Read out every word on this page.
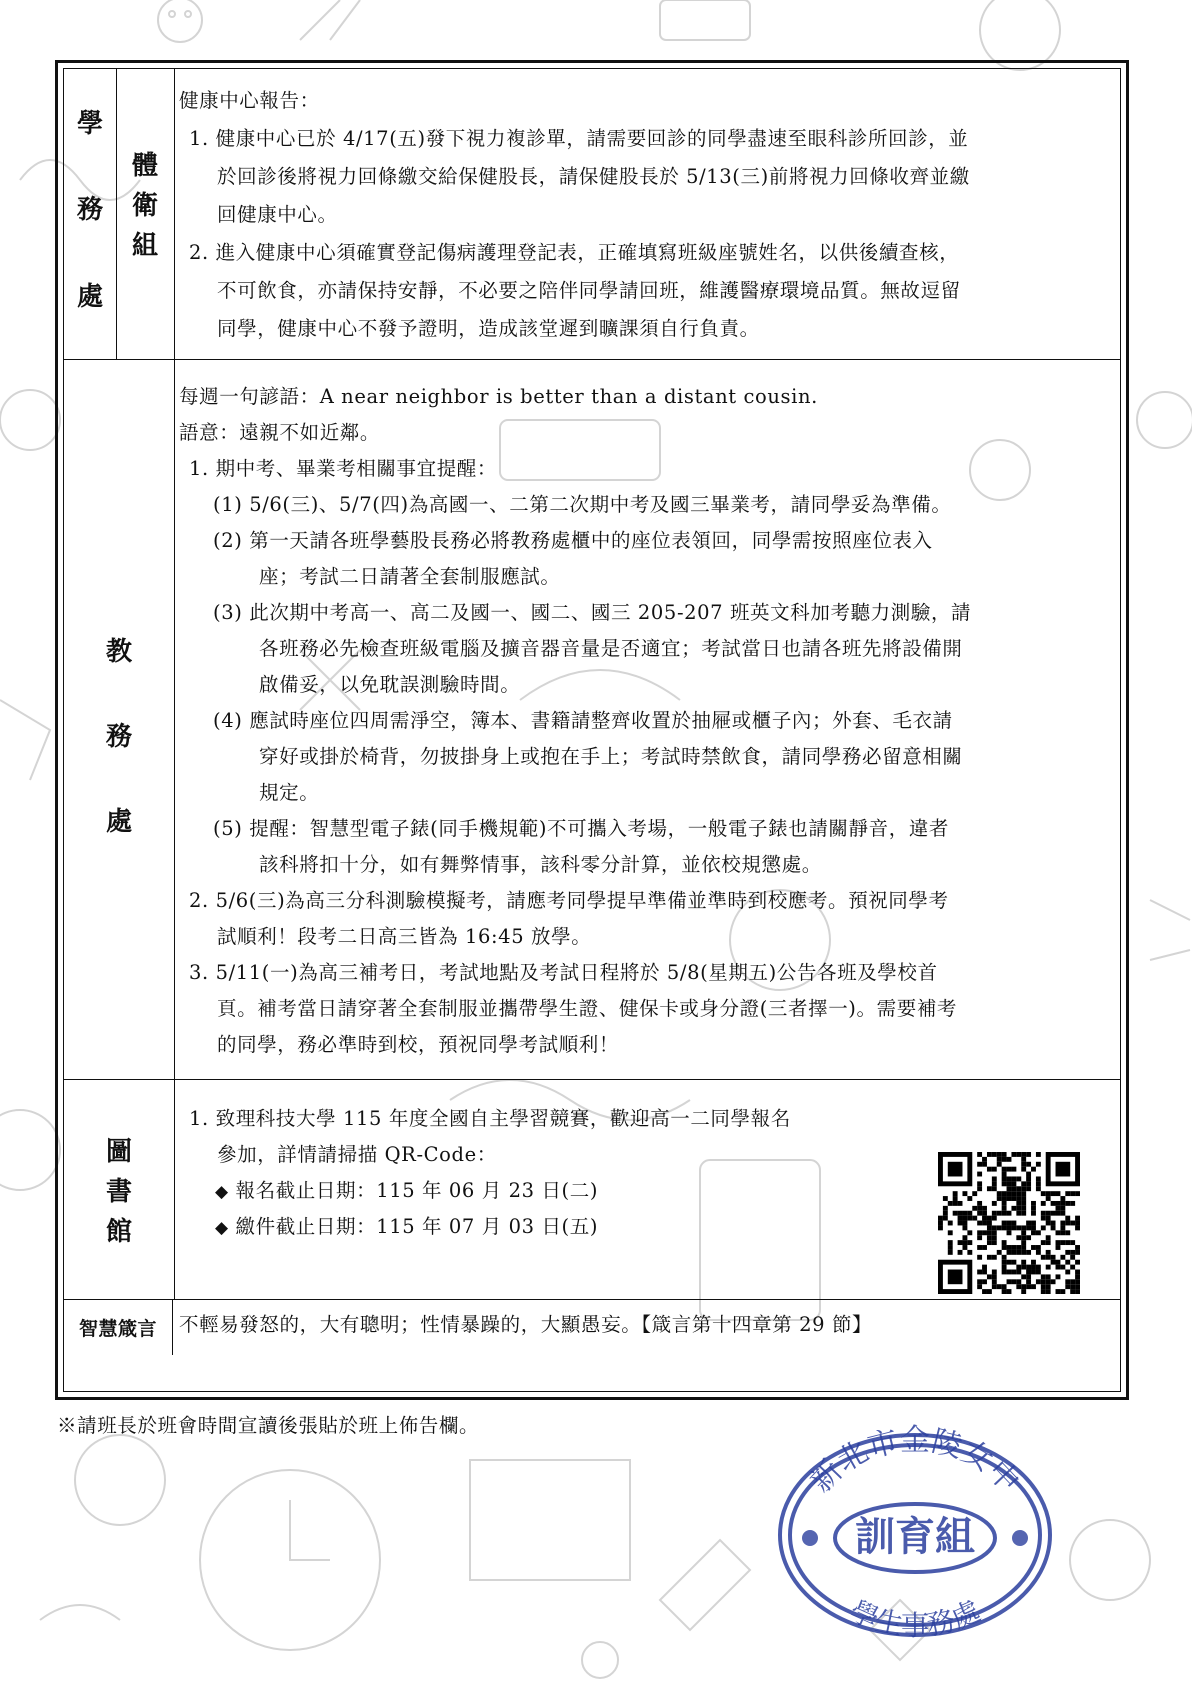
學
務
處
體
衛
組
健康中心報告：
1. 健康中心已於 4/17(五)發下視力複診單，請需要回診的同學盡速至眼科診所回診，並
於回診後將視力回條繳交給保健股長，請保健股長於 5/13(三)前將視力回條收齊並繳
回健康中心。
2. 進入健康中心須確實登記傷病護理登記表，正確填寫班級座號姓名，以供後續查核，
不可飲食，亦請保持安靜，不必要之陪伴同學請回班，維護醫療環境品質。無故逗留
同學，健康中心不發予證明，造成該堂遲到曠課須自行負責。
教
務
處
每週一句諺語：A near neighbor is better than a distant cousin.
語意：遠親不如近鄰。
1. 期中考、畢業考相關事宜提醒：
(1) 5/6(三)、5/7(四)為高國一、二第二次期中考及國三畢業考，請同學妥為準備。
(2) 第一天請各班學藝股長務必將教務處櫃中的座位表領回，同學需按照座位表入
座；考試二日請著全套制服應試。
(3) 此次期中考高一、高二及國一、國二、國三 205-207 班英文科加考聽力測驗，請
各班務必先檢查班級電腦及擴音器音量是否適宜；考試當日也請各班先將設備開
啟備妥，以免耽誤測驗時間。
(4) 應試時座位四周需淨空，簿本、書籍請整齊收置於抽屜或櫃子內；外套、毛衣請
穿好或掛於椅背，勿披掛身上或抱在手上；考試時禁飲食，請同學務必留意相關
規定。
(5) 提醒：智慧型電子錶(同手機規範)不可攜入考場，一般電子錶也請關靜音，違者
該科將扣十分，如有舞弊情事，該科零分計算，並依校規懲處。
2. 5/6(三)為高三分科測驗模擬考，請應考同學提早準備並準時到校應考。預祝同學考
試順利！段考二日高三皆為 16:45 放學。
3. 5/11(一)為高三補考日，考試地點及考試日程將於 5/8(星期五)公告各班及學校首
頁。補考當日請穿著全套制服並攜帶學生證、健保卡或身分證(三者擇一)。需要補考
的同學，務必準時到校，預祝同學考試順利！
圖
書
館
1. 致理科技大學 115 年度全國自主學習競賽，歡迎高一二同學報名
參加，詳情請掃描 QR-Code：
◆ 報名截止日期：115 年 06 月 23 日(二)
◆ 繳件截止日期：115 年 07 月 03 日(五)
智慧箴言	不輕易發怒的，大有聰明；性情暴躁的，大顯愚妄。【箴言第十四章第 29 節】
※請班長於班會時間宣讀後張貼於班上佈告欄。
新北市金陵女中
訓育組
學生事務處
